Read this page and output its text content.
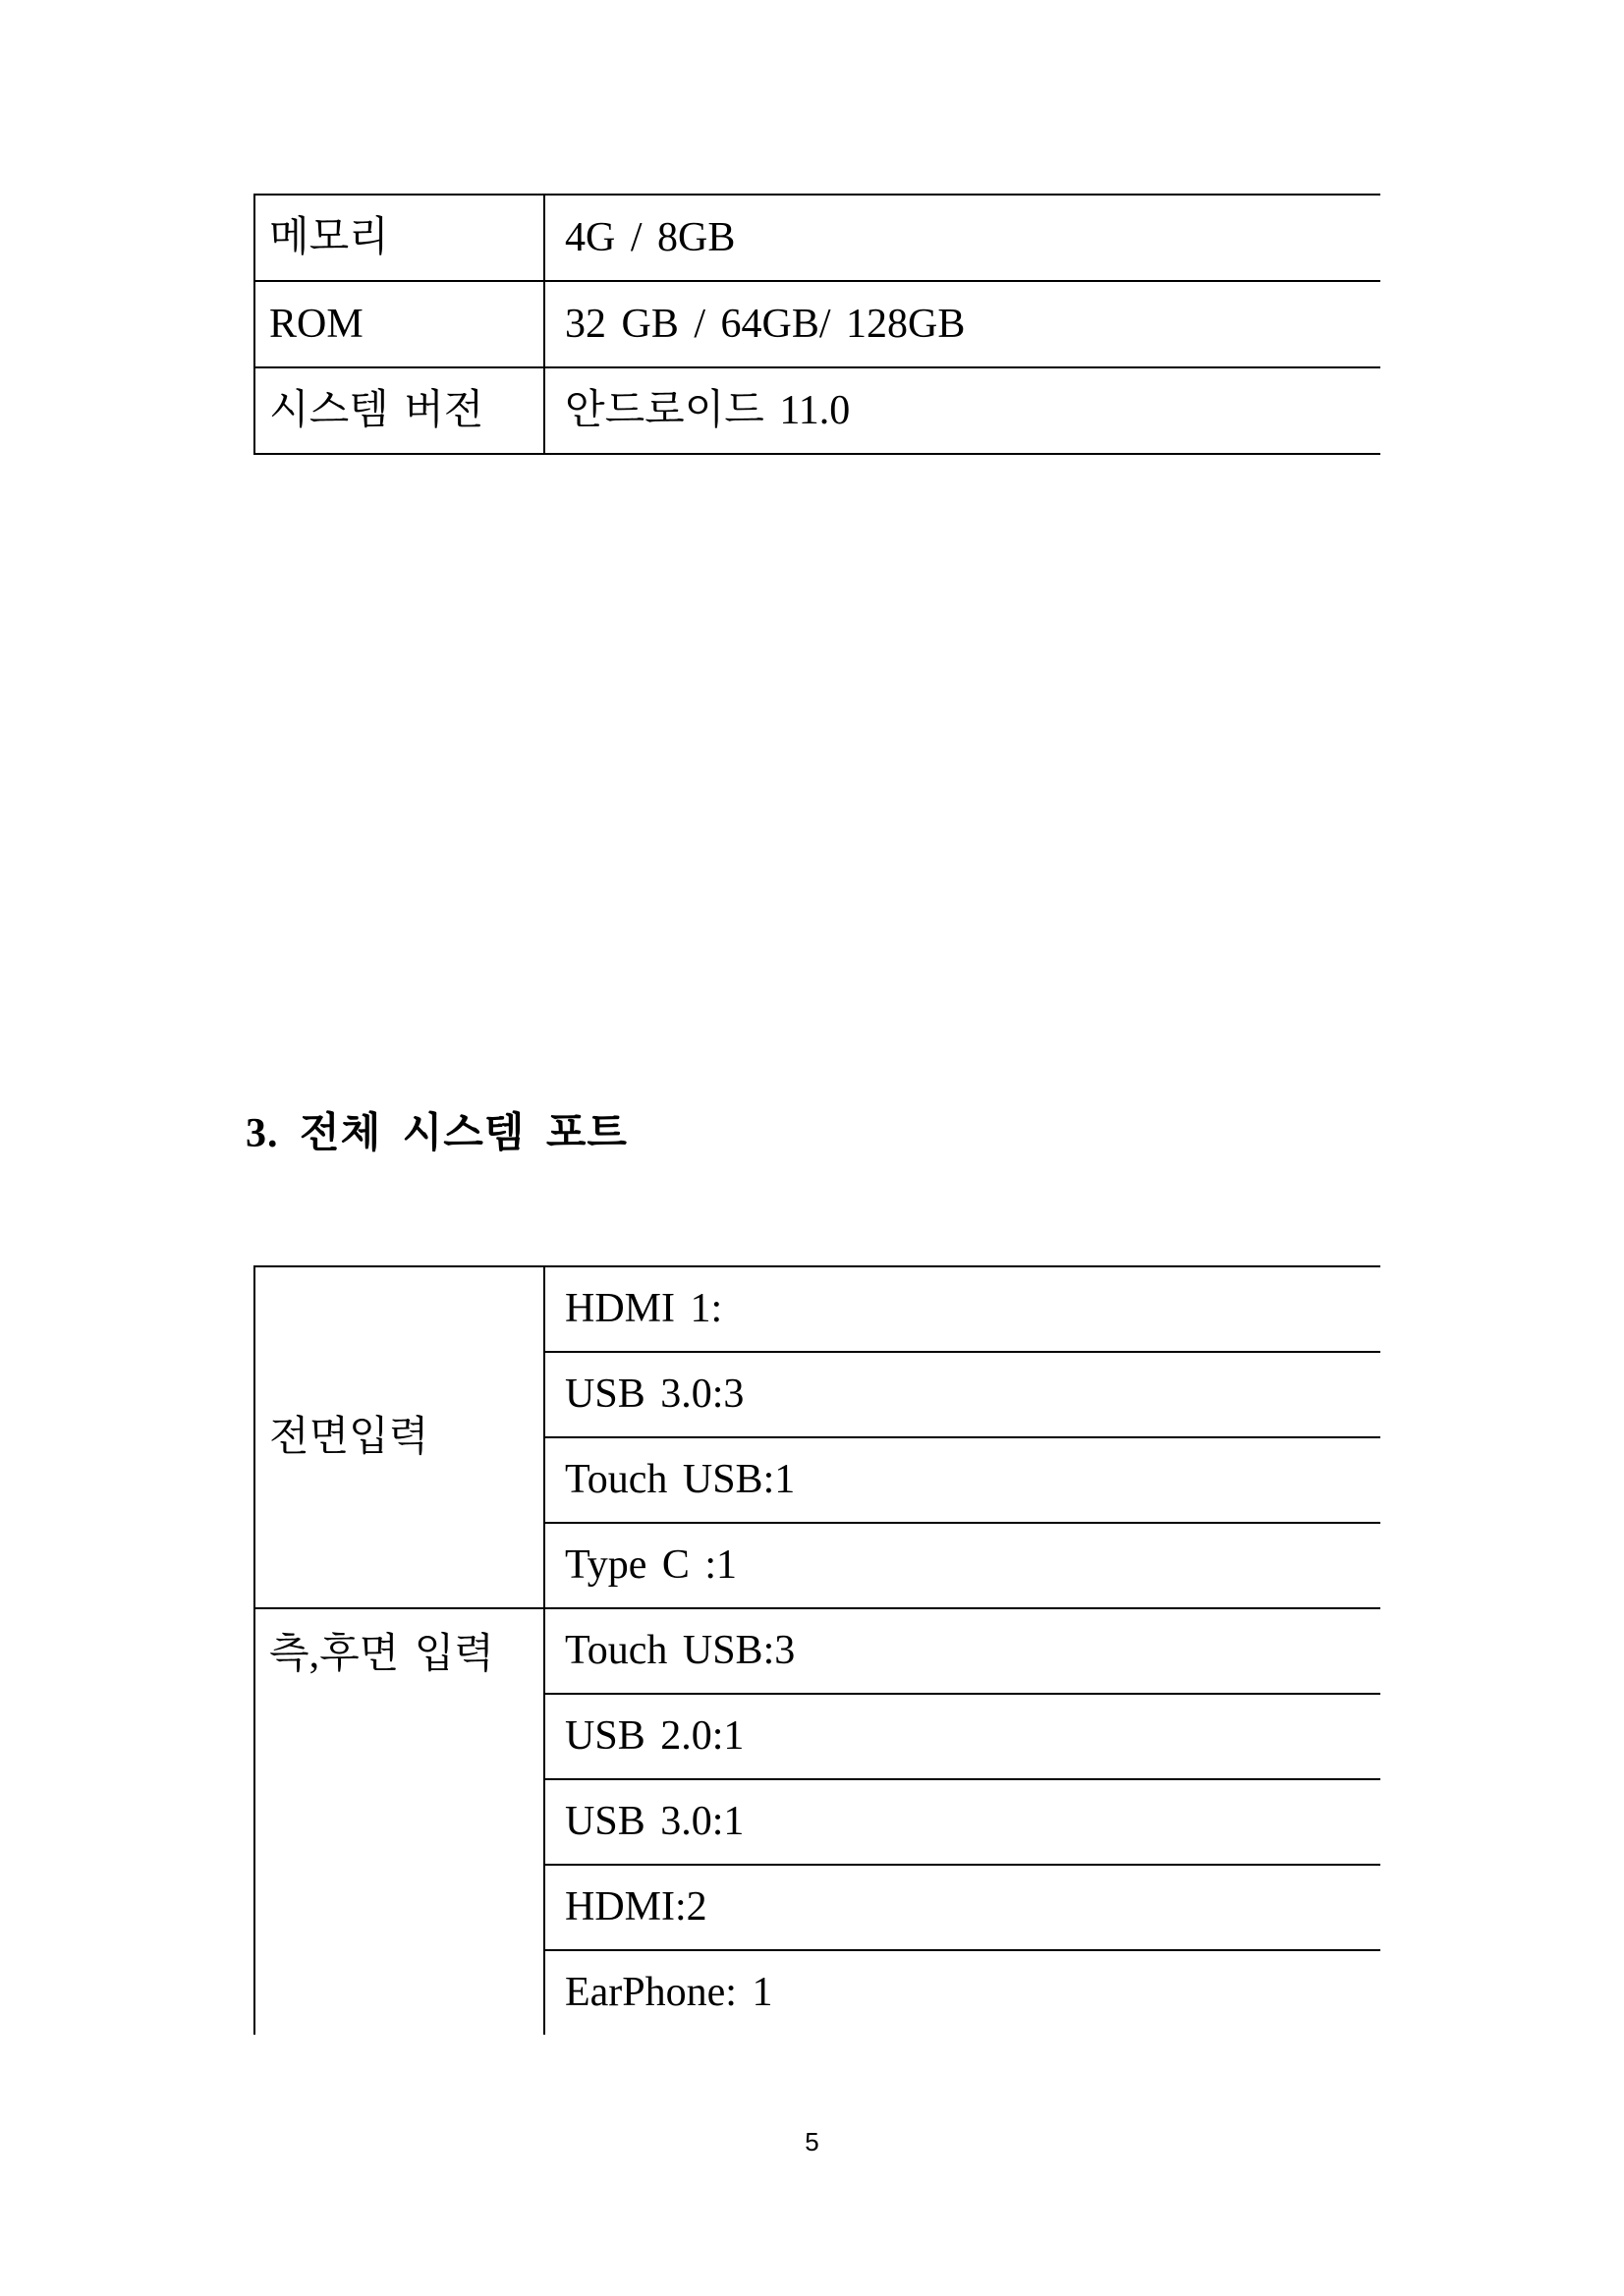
메모리	4G / 8GB
ROM	32 GB / 64GB/ 128GB
시스템 버전	안드로이드 11.0
3. 전체 시스템 포트
전면입력	HDMI 1:
	USB 3.0:3
	Touch USB:1
	Type C :1
측,후면 입력	Touch USB:3
	USB 2.0:1
	USB 3.0:1
	HDMI:2
	EarPhone: 1
5
